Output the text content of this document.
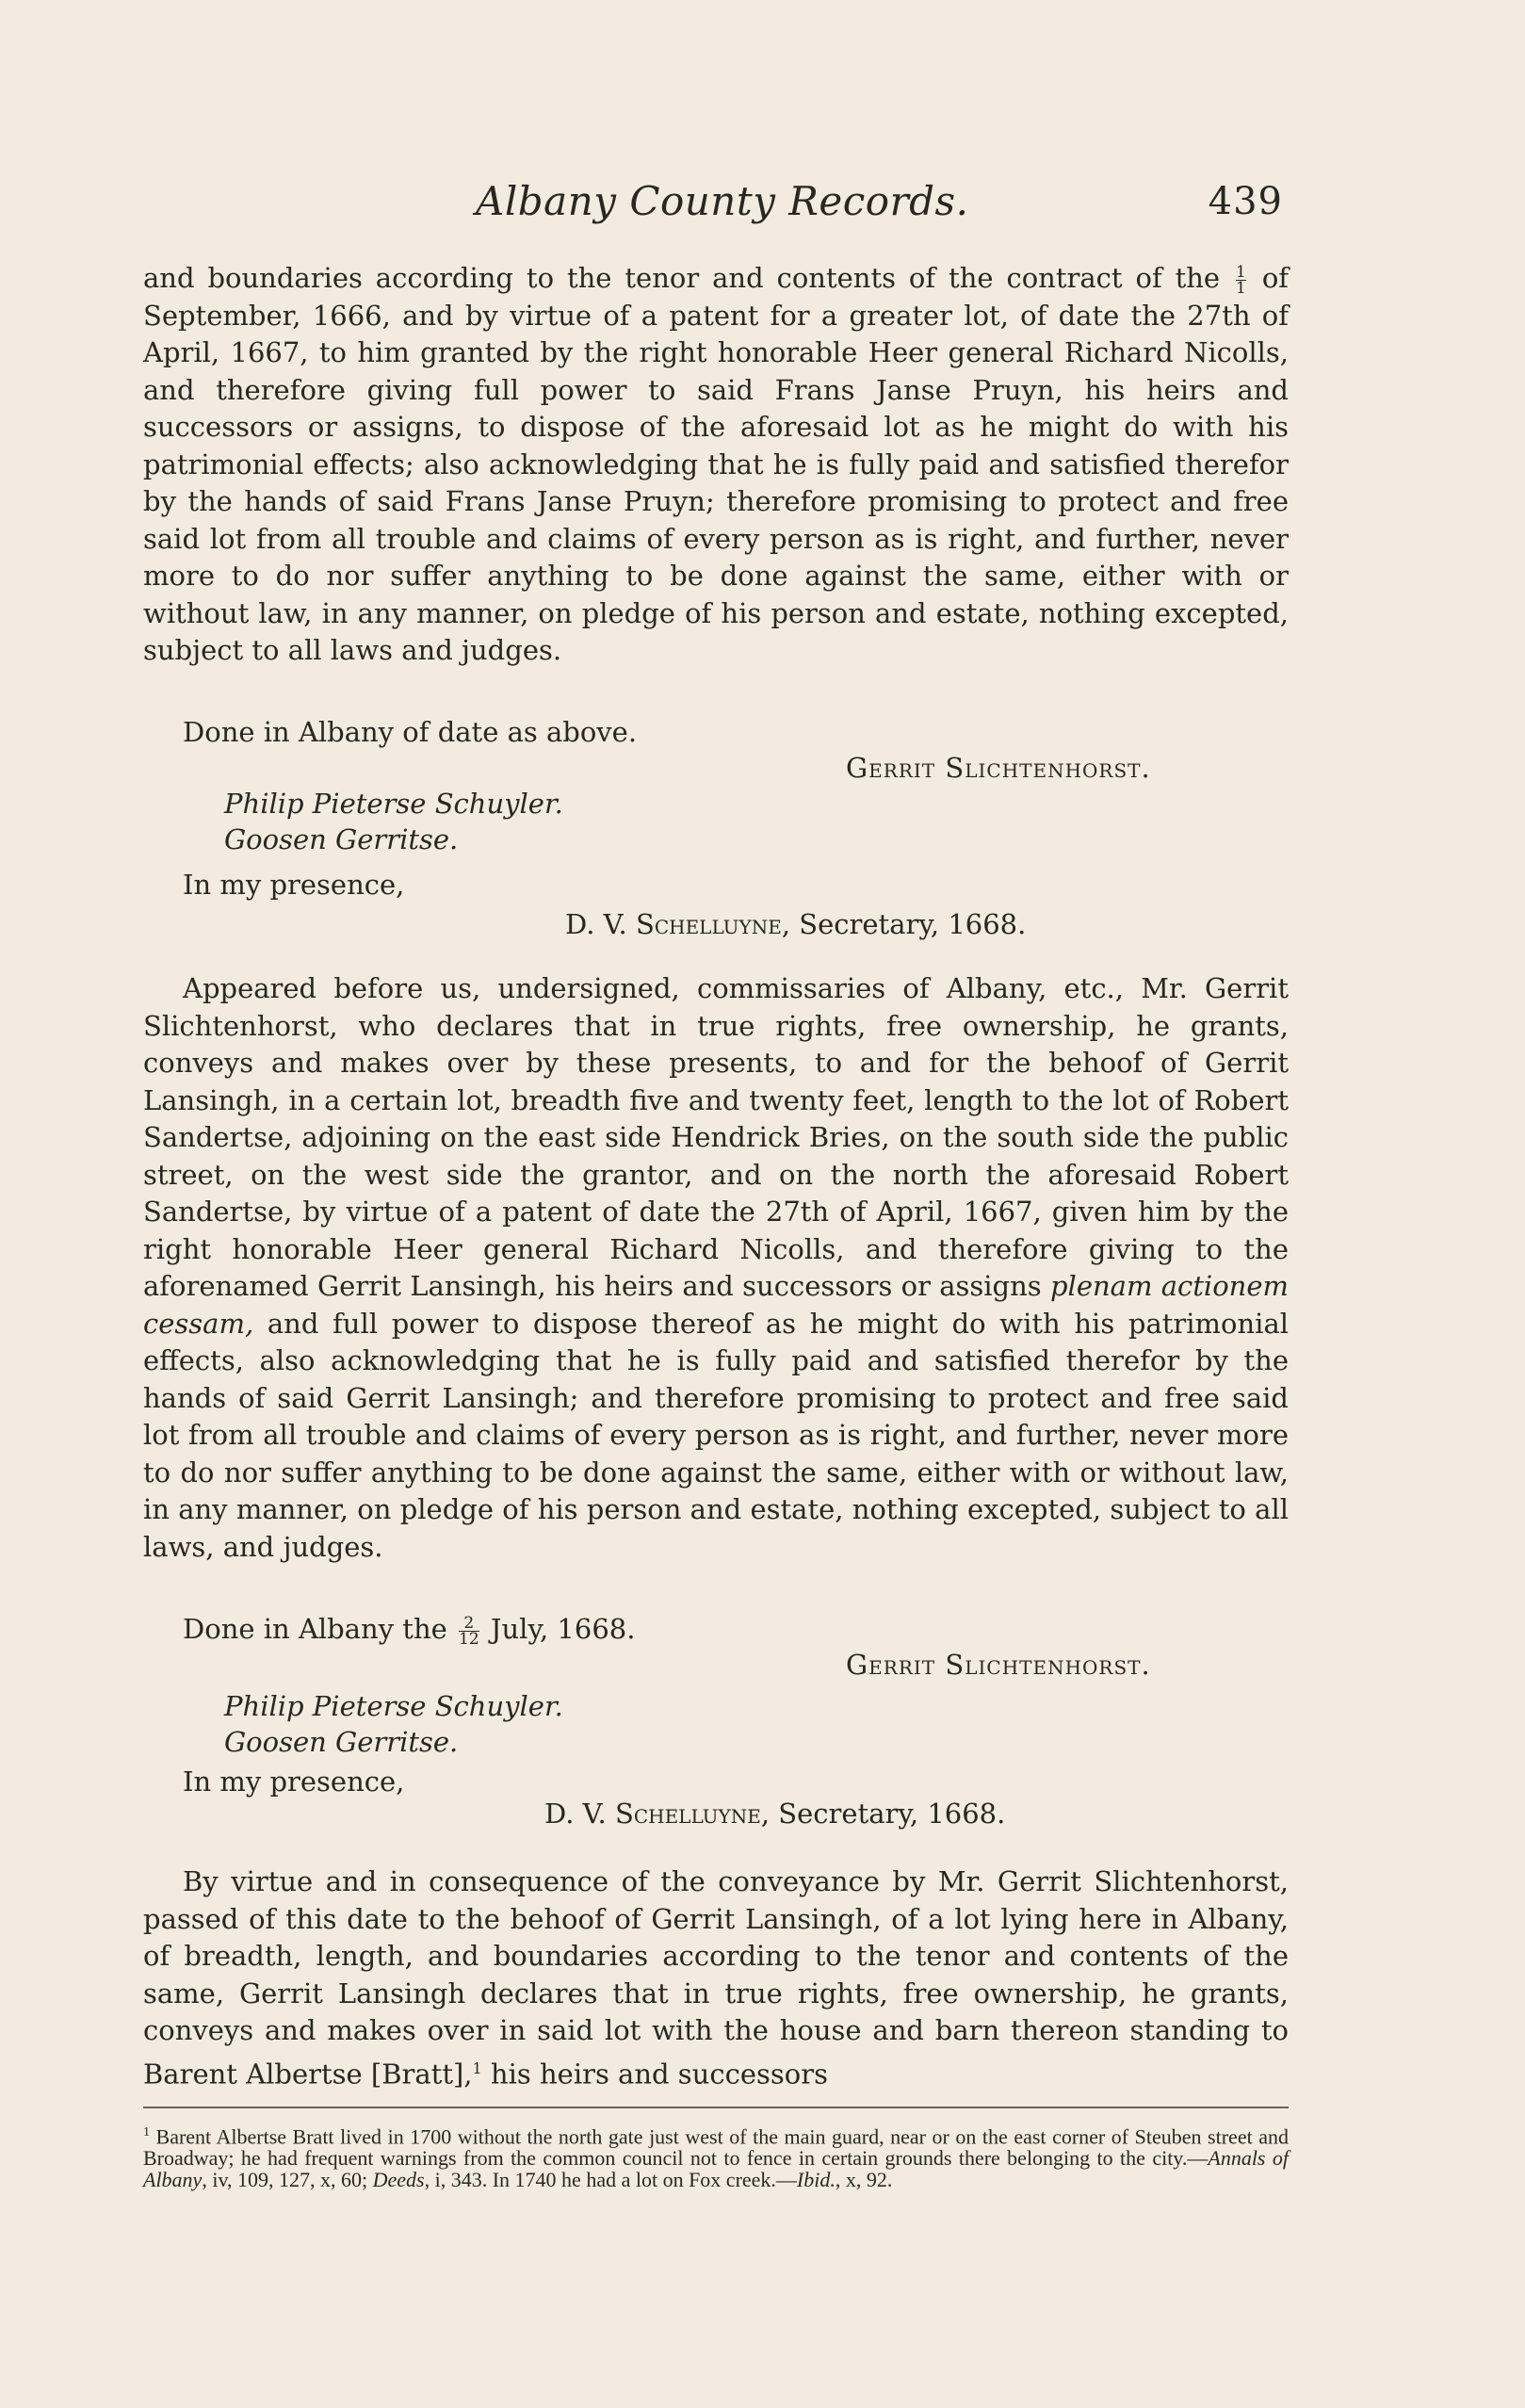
Albany County Records.	439

and boundaries according to the tenor and contents of the contract of the $\frac{1}{1}$ of September, 1666, and by virtue of a patent for a greater lot, of date the 27th of April, 1667, to him granted by the right honorable Heer general Richard Nicolls, and therefore giving full power to said Frans Janse Pruyn, his heirs and successors or assigns, to dispose of the aforesaid lot as he might do with his patrimonial effects; also acknowledging that he is fully paid and satisfied therefor by the hands of said Frans Janse Pruyn; therefore promising to protect and free said lot from all trouble and claims of every person as is right, and further, never more to do nor suffer anything to be done against the same, either with or without law, in any manner, on pledge of his person and estate, nothing excepted, subject to all laws and judges.

Done in Albany of date as above.
Gerrit Slichtenhorst.
Philip Pieterse Schuyler.
Goosen Gerritse.
In my presence,
D. V. Schelluyne, Secretary, 1668.

Appeared before us, undersigned, commissaries of Albany, etc., Mr. Gerrit Slichtenhorst, who declares that in true rights, free ownership, he grants, conveys and makes over by these presents, to and for the behoof of Gerrit Lansingh, in a certain lot, breadth five and twenty feet, length to the lot of Robert Sandertse, adjoining on the east side Hendrick Bries, on the south side the public street, on the west side the grantor, and on the north the aforesaid Robert Sandertse, by virtue of a patent of date the 27th of April, 1667, given him by the right honorable Heer general Richard Nicolls, and therefore giving to the aforenamed Gerrit Lansingh, his heirs and successors or assigns plenam actionem cessam, and full power to dispose thereof as he might do with his patrimonial effects, also acknowledging that he is fully paid and satisfied therefor by the hands of said Gerrit Lansingh; and therefore promising to protect and free said lot from all trouble and claims of every person as is right, and further, never more to do nor suffer anything to be done against the same, either with or without law, in any manner, on pledge of his person and estate, nothing excepted, subject to all laws, and judges.

Done in Albany the $\frac{2}{12}$ July, 1668.
Gerrit Slichtenhorst.
Philip Pieterse Schuyler.
Goosen Gerritse.
In my presence,
D. V. Schelluyne, Secretary, 1668.

By virtue and in consequence of the conveyance by Mr. Gerrit Slichtenhorst, passed of this date to the behoof of Gerrit Lansingh, of a lot lying here in Albany, of breadth, length, and boundaries according to the tenor and contents of the same, Gerrit Lansingh declares that in true rights, free ownership, he grants, conveys and makes over in said lot with the house and barn thereon standing to Barent Albertse [Bratt],$^1$ his heirs and successors

$^1$ Barent Albertse Bratt lived in 1700 without the north gate just west of the main guard, near or on the east corner of Steuben street and Broadway; he had frequent warnings from the common council not to fence in certain grounds there belonging to the city.—Annals of Albany, iv, 109, 127, x, 60; Deeds, i, 343. In 1740 he had a lot on Fox creek.—Ibid., x, 92.
